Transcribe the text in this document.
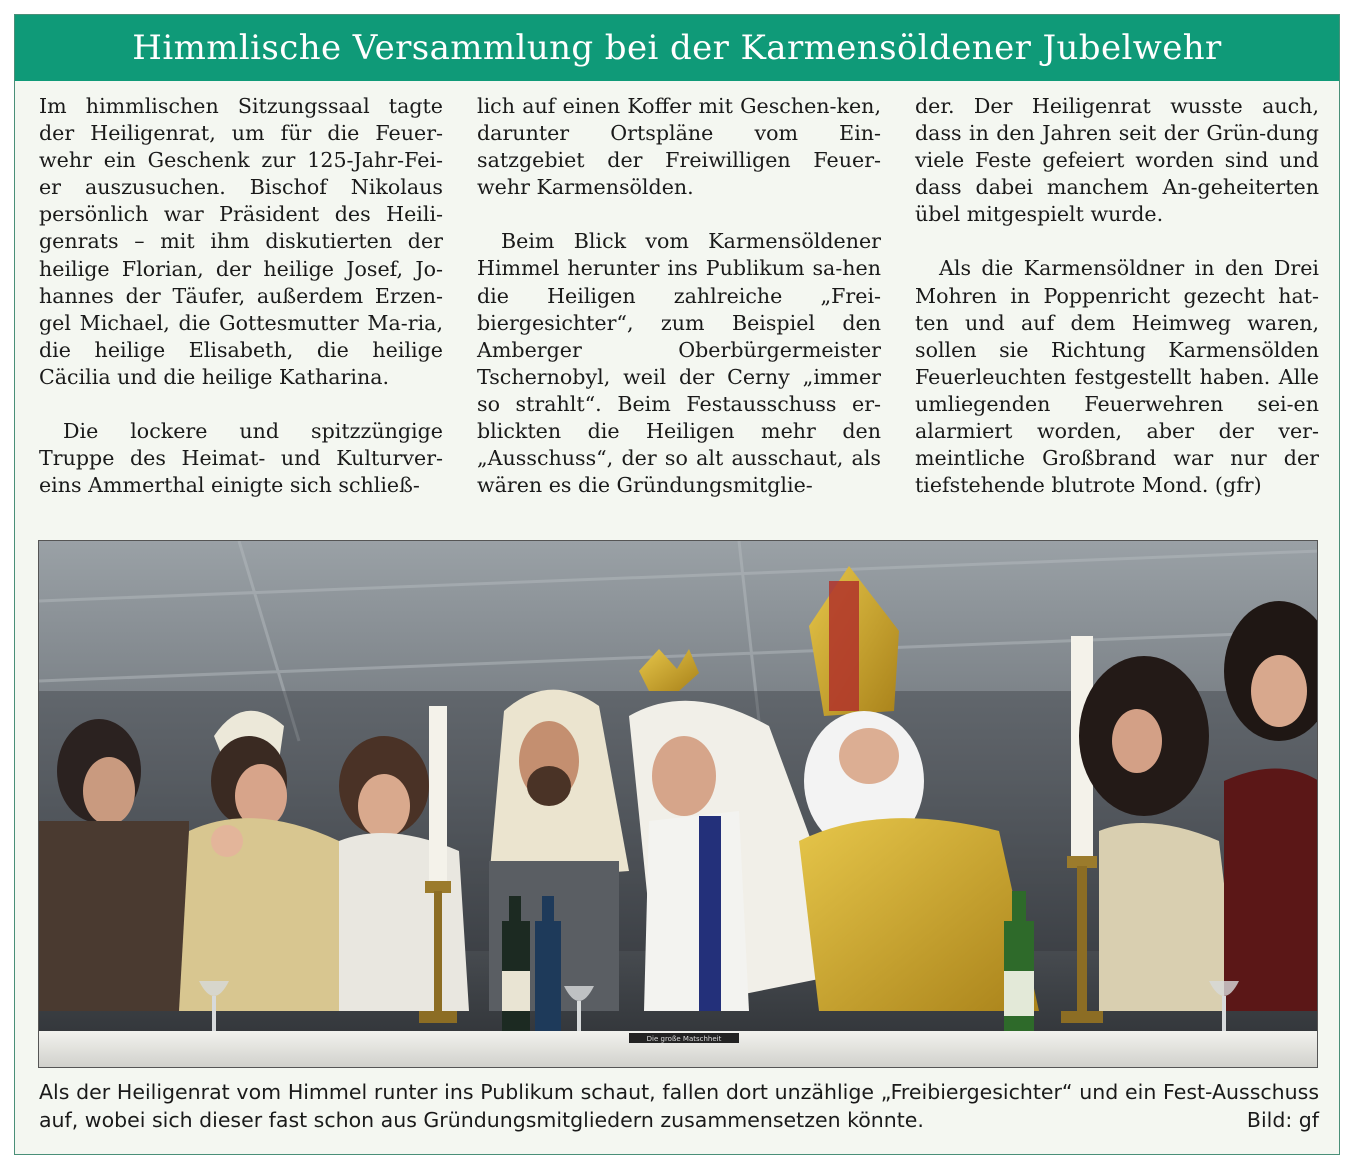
Himmlische Versammlung bei der Karmensöldener Jubelwehr

Im himmlischen Sitzungssaal tagte der Heiligenrat, um für die Feuer-wehr ein Geschenk zur 125-Jahr-Fei-er auszusuchen. Bischof Nikolaus persönlich war Präsident des Heili-genrats – mit ihm diskutierten der heilige Florian, der heilige Josef, Jo-hannes der Täufer, außerdem Erzen-gel Michael, die Gottesmutter Ma-ria, die heilige Elisabeth, die heilige Cäcilia und die heilige Katharina.

Die lockere und spitzzüngige Truppe des Heimat- und Kulturver-eins Ammerthal einigte sich schließ-

lich auf einen Koffer mit Geschen-ken, darunter Ortspläne vom Ein-satzgebiet der Freiwilligen Feuer-wehr Karmensölden.

Beim Blick vom Karmensöldener Himmel herunter ins Publikum sa-hen die Heiligen zahlreiche „Frei-biergesichter“, zum Beispiel den Amberger Oberbürgermeister Tschernobyl, weil der Cerny „immer so strahlt“. Beim Festausschuss er-blickten die Heiligen mehr den „Ausschuss“, der so alt ausschaut, als wären es die Gründungsmitglie-

der. Der Heiligenrat wusste auch, dass in den Jahren seit der Grün-dung viele Feste gefeiert worden sind und dass dabei manchem An-geheiterten übel mitgespielt wurde.

Als die Karmensöldner in den Drei Mohren in Poppenricht gezecht hat-ten und auf dem Heimweg waren, sollen sie Richtung Karmensölden Feuerleuchten festgestellt haben. Alle umliegenden Feuerwehren sei-en alarmiert worden, aber der ver-meintliche Großbrand war nur der tiefstehende blutrote Mond. (gfr)

Die große Matschheit
Als der Heiligenrat vom Himmel runter ins Publikum schaut, fallen dort unzählige „Freibiergesichter“ und ein Fest-Ausschuss auf, wobei sich dieser fast schon aus Gründungsmitgliedern zusammensetzen könnte.	Bild: gf
